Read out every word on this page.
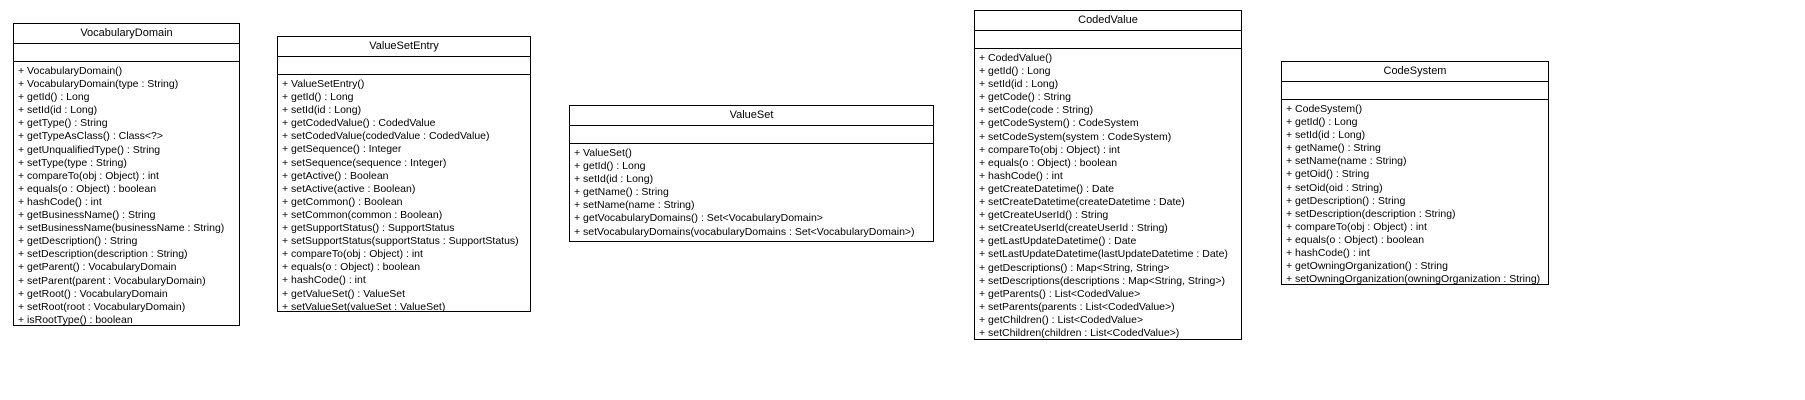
VocabularyDomain
+ VocabularyDomain()
+ VocabularyDomain(type : String)
+ getId() : Long
+ setId(id : Long)
+ getType() : String
+ getTypeAsClass() : Class<?>
+ getUnqualifiedType() : String
+ setType(type : String)
+ compareTo(obj : Object) : int
+ equals(o : Object) : boolean
+ hashCode() : int
+ getBusinessName() : String
+ setBusinessName(businessName : String)
+ getDescription() : String
+ setDescription(description : String)
+ getParent() : VocabularyDomain
+ setParent(parent : VocabularyDomain)
+ getRoot() : VocabularyDomain
+ setRoot(root : VocabularyDomain)
+ isRootType() : boolean
ValueSetEntry
+ ValueSetEntry()
+ getId() : Long
+ setId(id : Long)
+ getCodedValue() : CodedValue
+ setCodedValue(codedValue : CodedValue)
+ getSequence() : Integer
+ setSequence(sequence : Integer)
+ getActive() : Boolean
+ setActive(active : Boolean)
+ getCommon() : Boolean
+ setCommon(common : Boolean)
+ getSupportStatus() : SupportStatus
+ setSupportStatus(supportStatus : SupportStatus)
+ compareTo(obj : Object) : int
+ equals(o : Object) : boolean
+ hashCode() : int
+ getValueSet() : ValueSet
+ setValueSet(valueSet : ValueSet)
ValueSet
+ ValueSet()
+ getId() : Long
+ setId(id : Long)
+ getName() : String
+ setName(name : String)
+ getVocabularyDomains() : Set<VocabularyDomain>
+ setVocabularyDomains(vocabularyDomains : Set<VocabularyDomain>)
CodedValue
+ CodedValue()
+ getId() : Long
+ setId(id : Long)
+ getCode() : String
+ setCode(code : String)
+ getCodeSystem() : CodeSystem
+ setCodeSystem(system : CodeSystem)
+ compareTo(obj : Object) : int
+ equals(o : Object) : boolean
+ hashCode() : int
+ getCreateDatetime() : Date
+ setCreateDatetime(createDatetime : Date)
+ getCreateUserId() : String
+ setCreateUserId(createUserId : String)
+ getLastUpdateDatetime() : Date
+ setLastUpdateDatetime(lastUpdateDatetime : Date)
+ getDescriptions() : Map<String, String>
+ setDescriptions(descriptions : Map<String, String>)
+ getParents() : List<CodedValue>
+ setParents(parents : List<CodedValue>)
+ getChildren() : List<CodedValue>
+ setChildren(children : List<CodedValue>)
CodeSystem
+ CodeSystem()
+ getId() : Long
+ setId(id : Long)
+ getName() : String
+ setName(name : String)
+ getOid() : String
+ setOid(oid : String)
+ getDescription() : String
+ setDescription(description : String)
+ compareTo(obj : Object) : int
+ equals(o : Object) : boolean
+ hashCode() : int
+ getOwningOrganization() : String
+ setOwningOrganization(owningOrganization : String)
